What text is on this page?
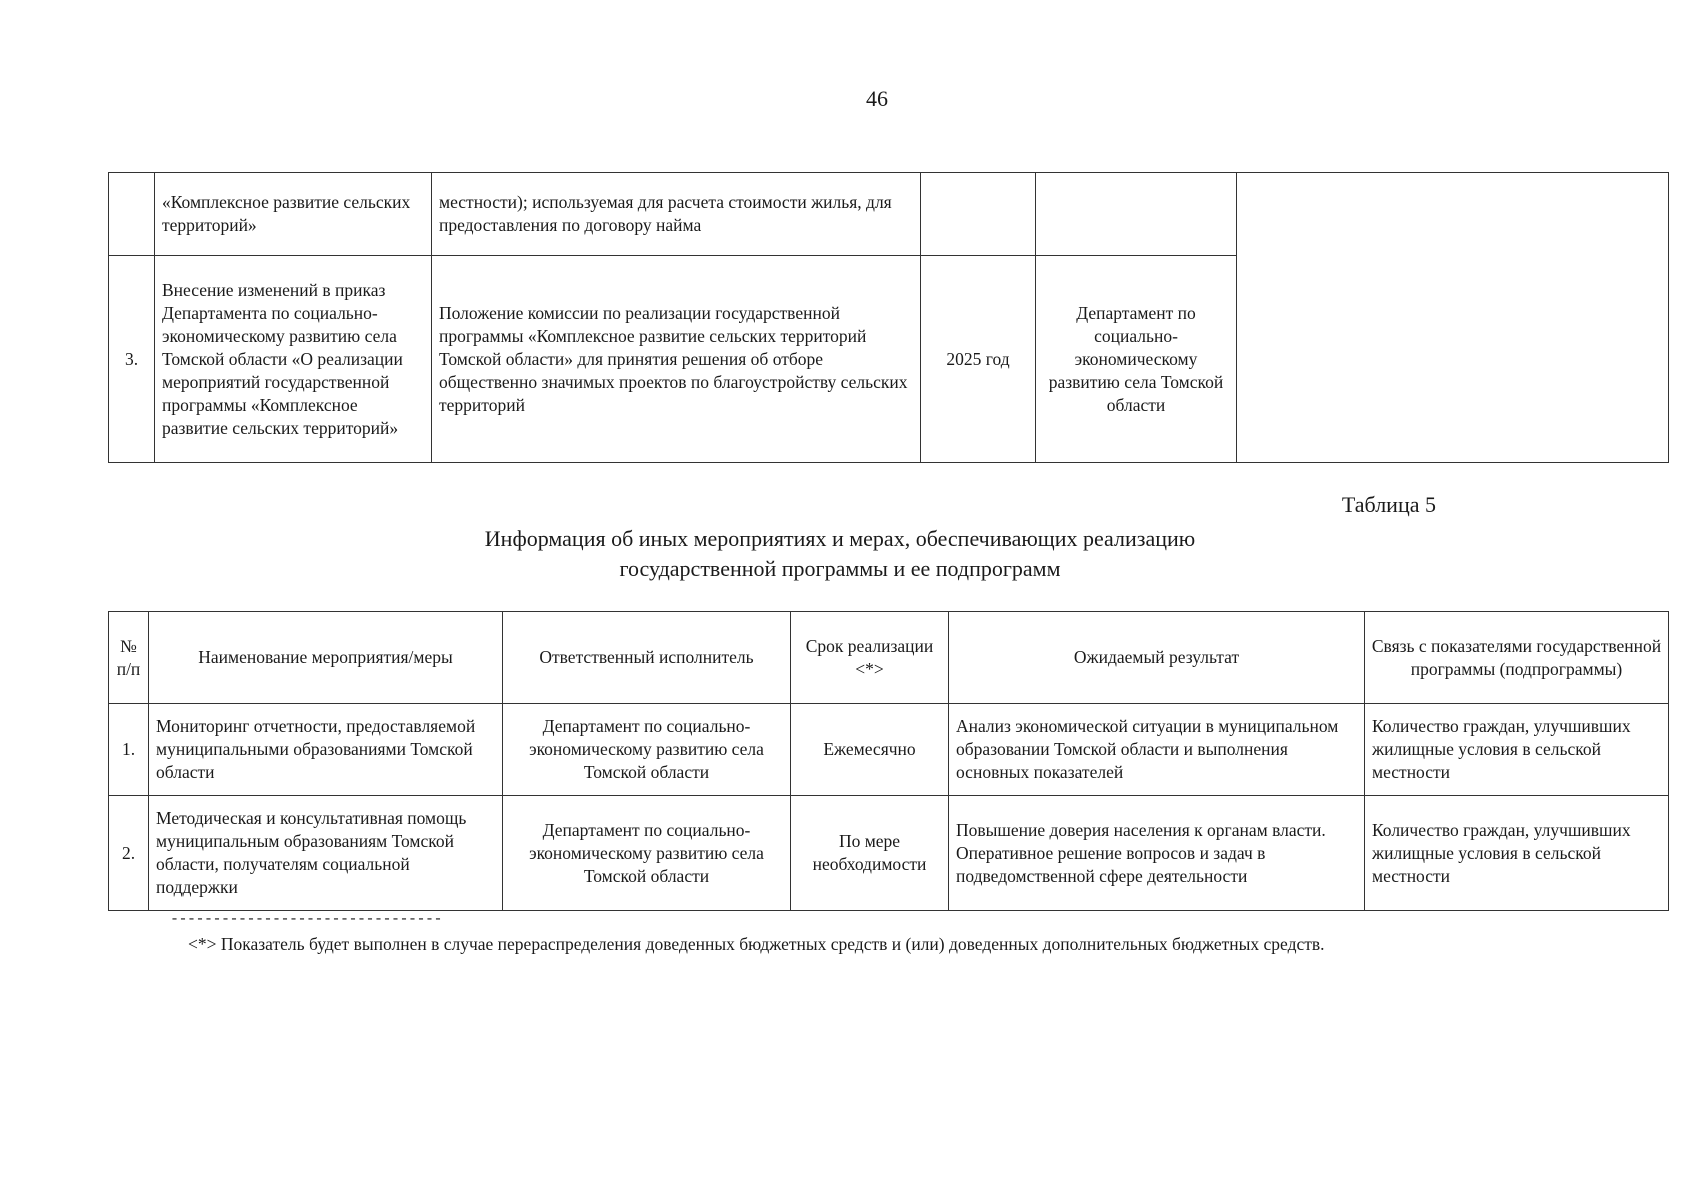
46
	«Комплексное развитие сельских территорий»	местности); используемая для расчета стоимости жилья, для предоставления по договору найма			
3.	Внесение изменений в приказ Департамента по социально-экономическому развитию села Томской области «О реализации мероприятий государственной программы «Комплексное развитие сельских территорий»	Положение комиссии по реализации государственной программы «Комплексное развитие сельских территорий Томской области» для принятия решения об отборе общественно значимых проектов по благоустройству сельских территорий	2025 год	Департамент по социально-экономическому развитию села Томской области	
Таблица 5
Информация об иных мероприятиях и мерах, обеспечивающих реализацию
государственной программы и ее подпрограмм
№ п/п	Наименование мероприятия/меры	Ответственный исполнитель	Срок реализации <*>	Ожидаемый результат	Связь с показателями государственной программы (подпрограммы)
1.	Мониторинг отчетности, предоставляемой муниципальными образованиями Томской области	Департамент по социально-экономическому развитию села Томской области	Ежемесячно	Анализ экономической ситуации в муниципальном образовании Томской области и выполнения основных показателей	Количество граждан, улучшивших жилищные условия в сельской местности
2.	Методическая и консультативная помощь муниципальным образованиям Томской области, получателям социальной поддержки	Департамент по социально-экономическому развитию села Томской области	По мере необходимости	Повышение доверия населения к органам власти. Оперативное решение вопросов и задач в подведомственной сфере деятельности	Количество граждан, улучшивших жилищные условия в сельской местности
--------------------------------
<*> Показатель будет выполнен в случае перераспределения доведенных бюджетных средств и (или) доведенных дополнительных бюджетных средств.
